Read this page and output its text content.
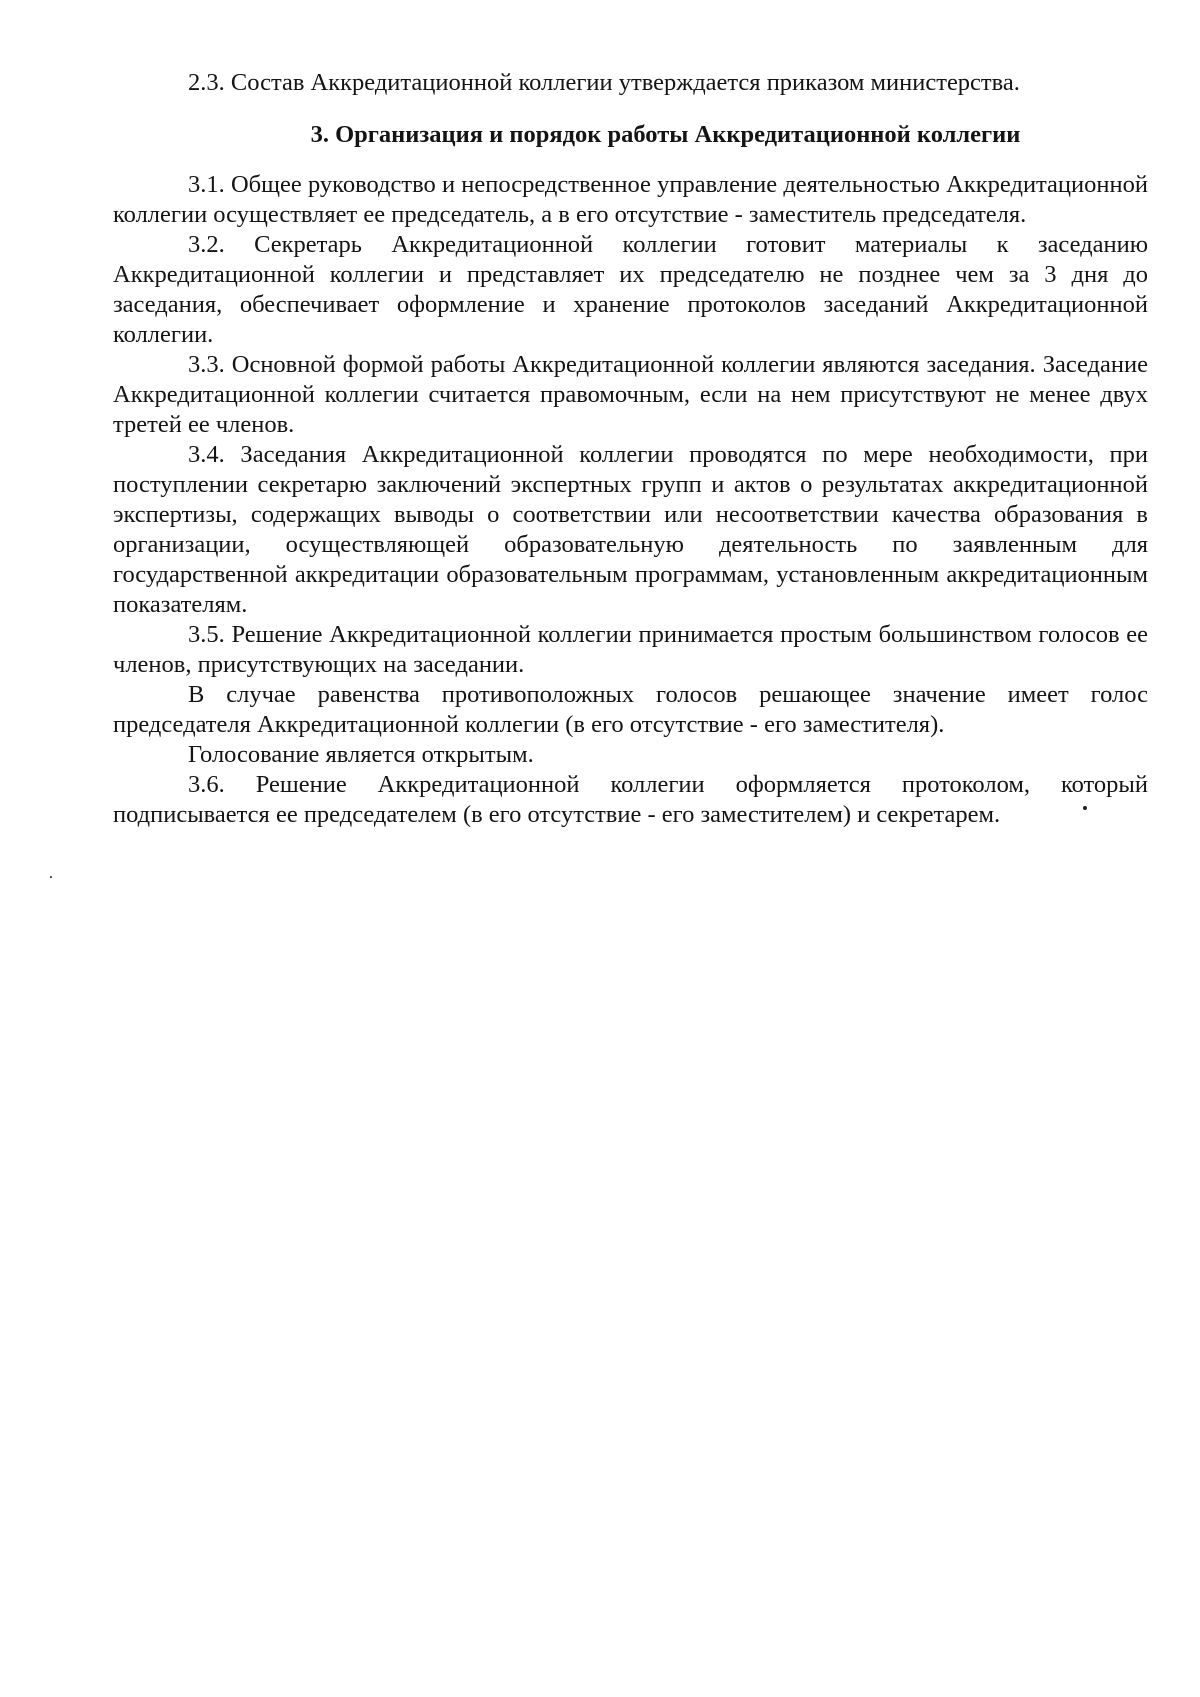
2.3. Состав Аккредитационной коллегии утверждается приказом министерства.

3. Организация и порядок работы Аккредитационной коллегии

3.1. Общее руководство и непосредственное управление деятельностью Аккредитационной коллегии осуществляет ее председатель, а в его отсутствие - заместитель председателя.

3.2. Секретарь Аккредитационной коллегии готовит материалы к заседанию Аккредитационной коллегии и представляет их председателю не позднее чем за 3 дня до заседания, обеспечивает оформление и хранение протоколов заседаний Аккредитационной коллегии.

3.3. Основной формой работы Аккредитационной коллегии являются заседания. Заседание Аккредитационной коллегии считается правомочным, если на нем присутствуют не менее двух третей ее членов.

3.4. Заседания Аккредитационной коллегии проводятся по мере необходимости, при поступлении секретарю заключений экспертных групп и актов о результатах аккредитационной экспертизы, содержащих выводы о соответствии или несоответствии качества образования в организации, осуществляющей образовательную деятельность по заявленным для государственной аккредитации образовательным программам, установленным аккредитационным показателям.

3.5. Решение Аккредитационной коллегии принимается простым большинством голосов ее членов, присутствующих на заседании.

В случае равенства противоположных голосов решающее значение имеет голос председателя Аккредитационной коллегии (в его отсутствие - его заместителя).

Голосование является открытым.

3.6. Решение Аккредитационной коллегии оформляется протоколом, который подписывается ее председателем (в его отсутствие - его заместителем) и секретарем.
